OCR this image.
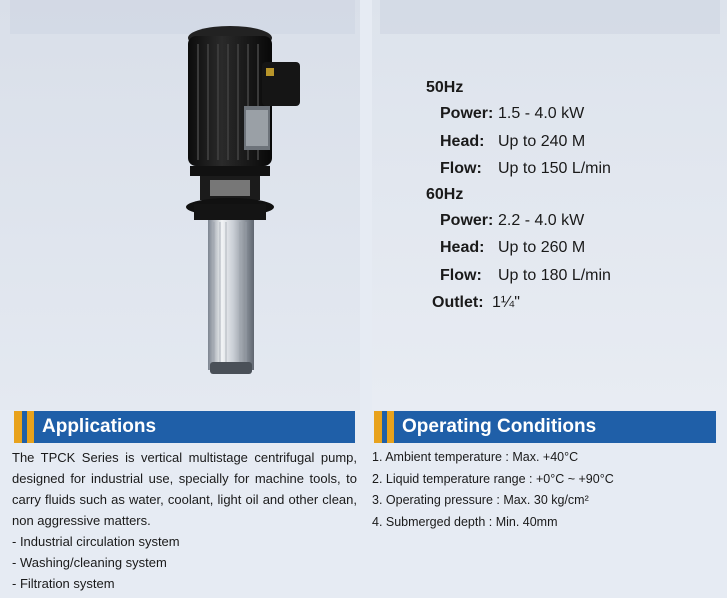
50Hz
Power: 1.5 - 4.0 kW
Head: Up to 240 M
Flow: Up to 150 L/min
60Hz
Power: 2.2 - 4.0 kW
Head: Up to 260 M
Flow: Up to 180 L/min
Outlet: 1¼"
Applications	Operating Conditions

The TPCK Series is vertical multistage centrifugal pump, designed for industrial use, specially for machine tools, to carry fluids such as water, coolant, light oil and other clean, non aggressive matters.

- Industrial circulation system
- Washing/cleaning system
- Filtration system
1. Ambient temperature : Max. +40°C
2. Liquid temperature range : +0°C ~ +90°C
3. Operating pressure : Max. 30 kg/cm²
4. Submerged depth : Min. 40mm
